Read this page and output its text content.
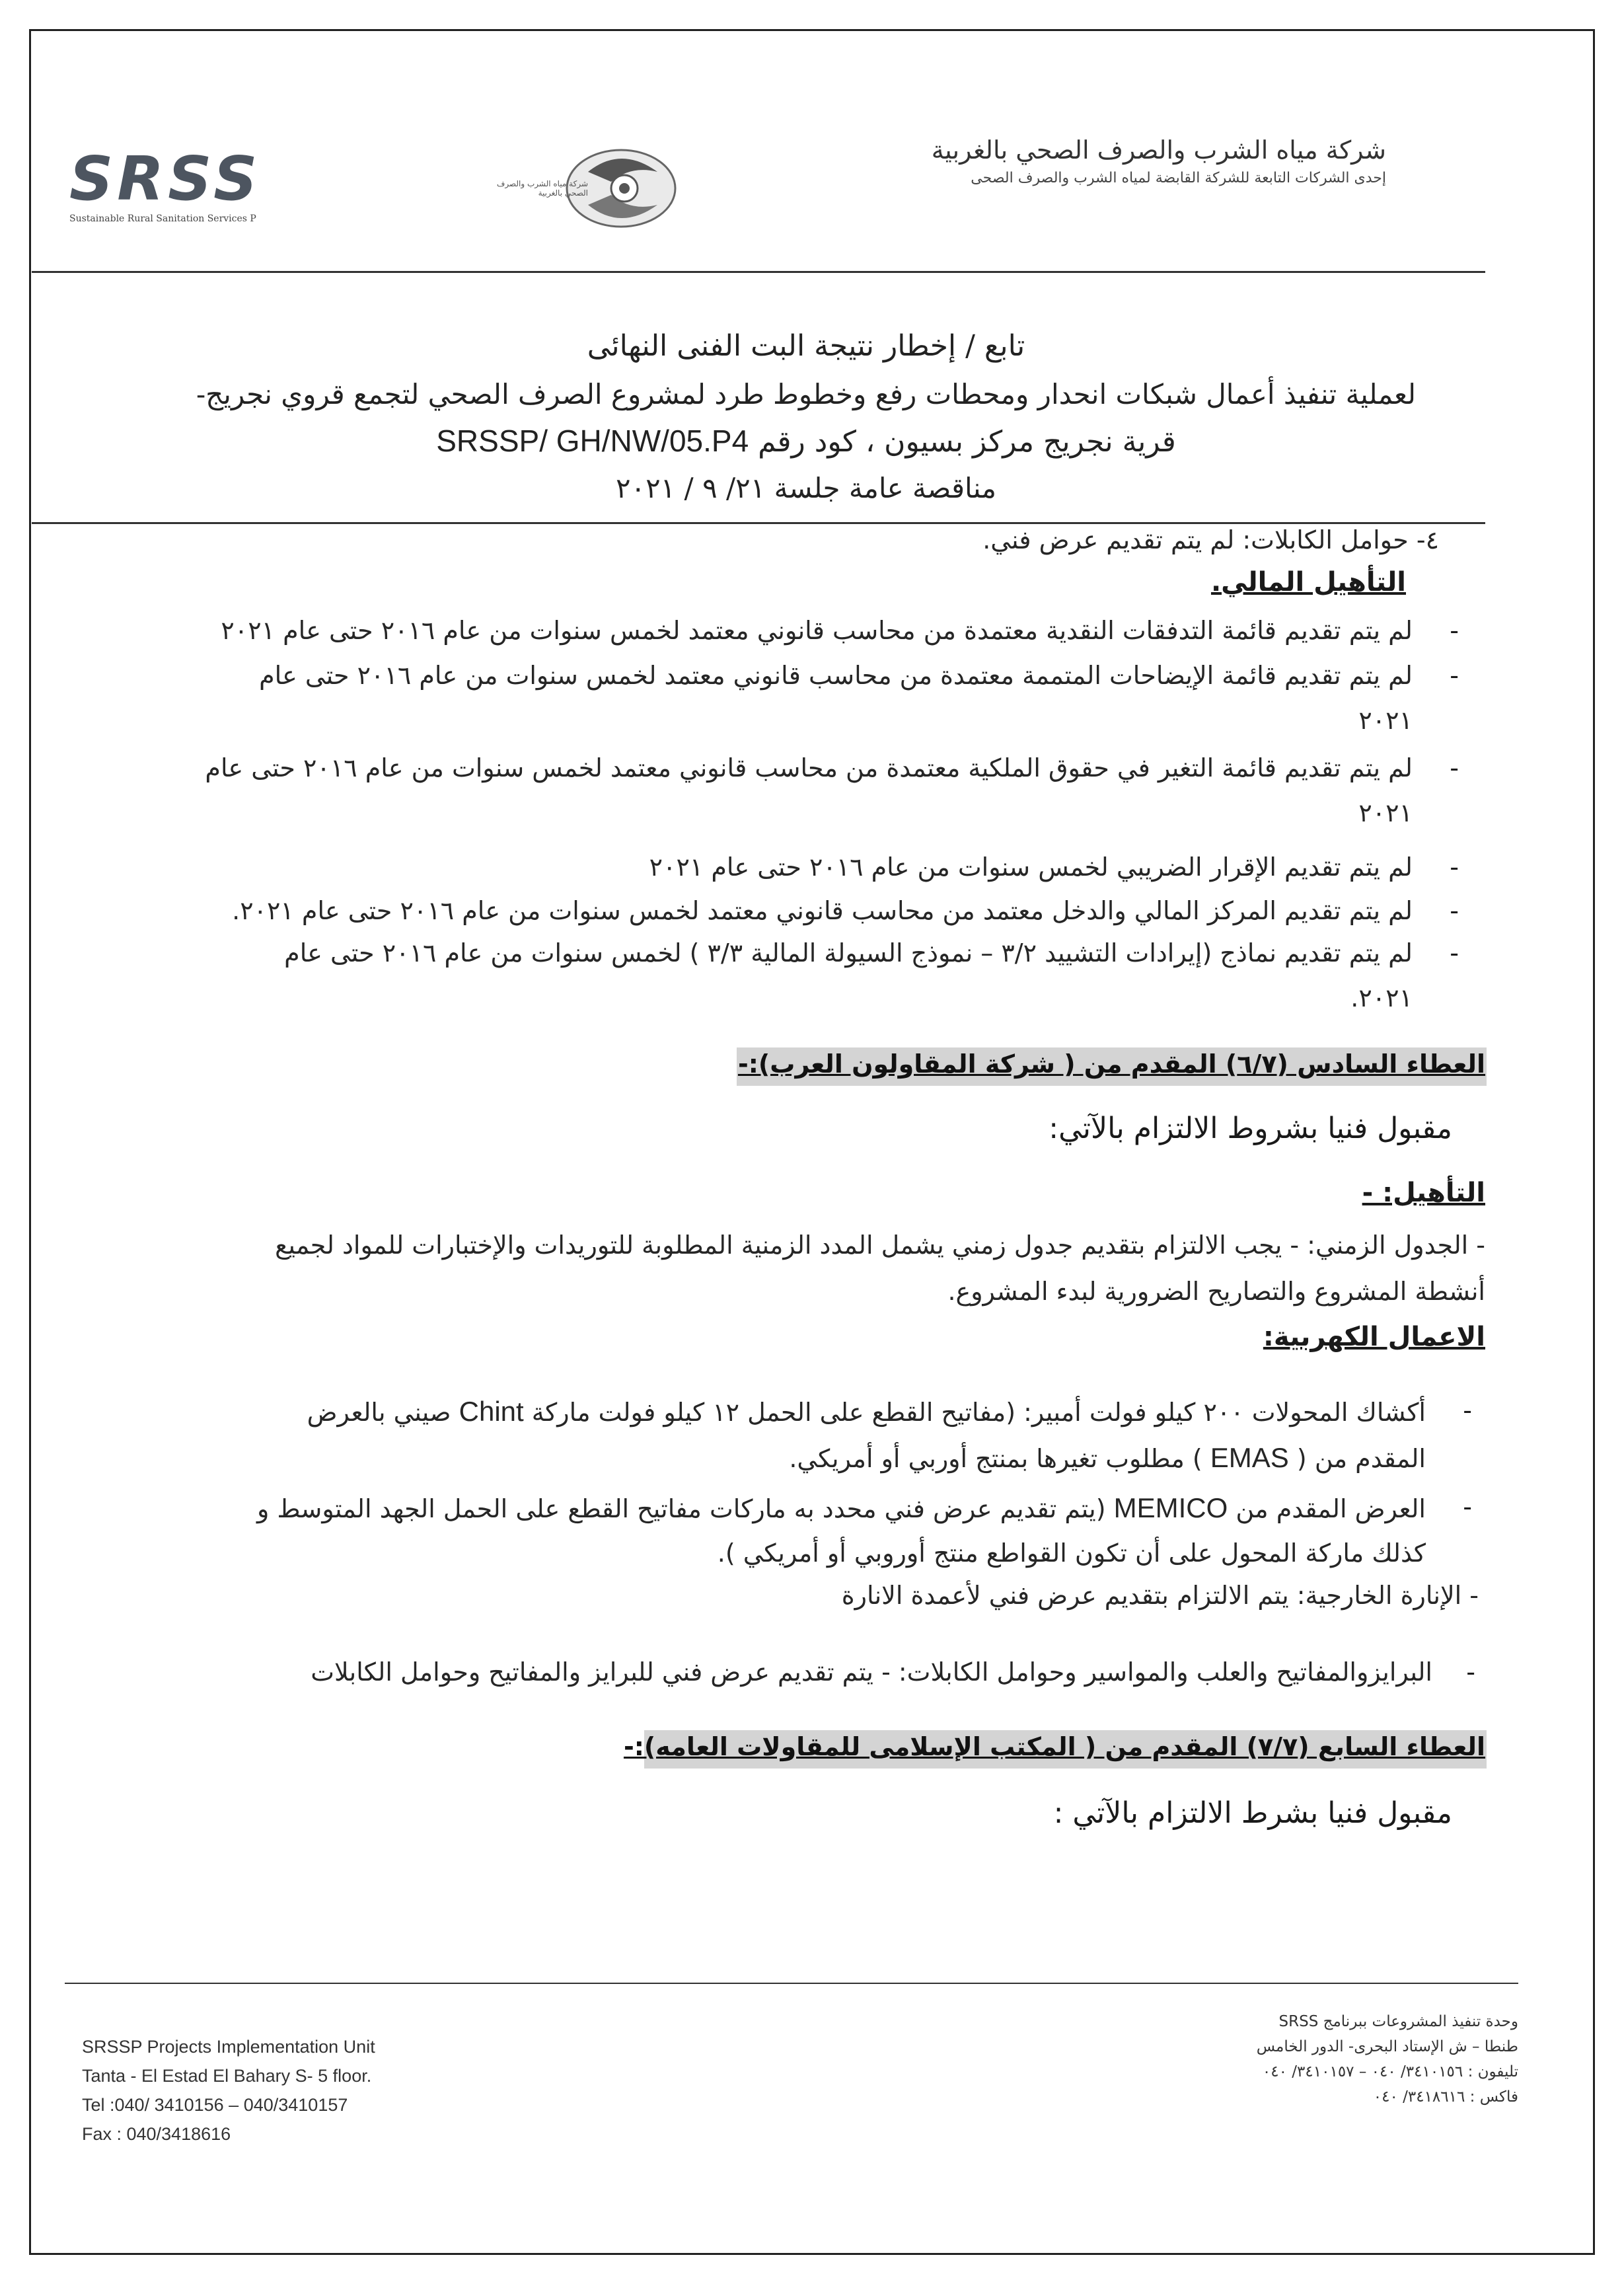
SRSS
Sustainable Rural Sanitation Services P
شركة مياه الشرب والصرف الصحي بالغربية
شركة مياه الشرب والصرف الصحي بالغربية
إحدى الشركات التابعة للشركة القابضة لمياه الشرب والصرف الصحى
تابع / إخطار نتيجة البت الفنى النهائى
لعملية تنفيذ أعمال شبكات انحدار ومحطات رفع وخطوط طرد لمشروع الصرف الصحي لتجمع قروي نجريج-
قرية نجريج مركز بسيون ، كود رقم SRSSP/ GH/NW/05.P4
مناقصة عامة جلسة ٢١/ ٩ / ٢٠٢١
٤- حوامل الكابلات: لم يتم تقديم عرض فني.
التأهيل المالي.
لم يتم تقديم قائمة التدفقات النقدية معتمدة من محاسب قانوني معتمد لخمس سنوات من عام ٢٠١٦ حتى عام ٢٠٢١ -
لم يتم تقديم قائمة الإيضاحات المتممة معتمدة من محاسب قانوني معتمد لخمس سنوات من عام ٢٠١٦ حتى عام -
٢٠٢١
لم يتم تقديم قائمة التغير في حقوق الملكية معتمدة من محاسب قانوني معتمد لخمس سنوات من عام ٢٠١٦ حتى عام -
٢٠٢١
لم يتم تقديم الإقرار الضريبي لخمس سنوات من عام ٢٠١٦ حتى عام ٢٠٢١ -
لم يتم تقديم المركز المالي والدخل معتمد من محاسب قانوني معتمد لخمس سنوات من عام ٢٠١٦ حتى عام ٢٠٢١. -
لم يتم تقديم نماذج (إيرادات التشييد ٣/٢ – نموذج السيولة المالية ٣/٣ ) لخمس سنوات من عام ٢٠١٦ حتى عام -
٢٠٢١.
العطاء السادس (٦/٧) المقدم من ( شركة المقاولون العرب):-
مقبول فنيا بشروط الالتزام بالآتي:
التأهيل: -
- الجدول الزمني: - يجب الالتزام بتقديم جدول زمني يشمل المدد الزمنية المطلوبة للتوريدات والإختبارات للمواد لجميع
أنشطة المشروع والتصاريح الضرورية لبدء المشروع.
الاعمال الكهربية:
أكشاك المحولات ٢٠٠ كيلو فولت أمبير: (مفاتيح القطع على الحمل ١٢ كيلو فولت ماركة Chint صيني بالعرض	-
المقدم من ( EMAS ) مطلوب تغيرها بمنتج أوربي أو أمريكي.
العرض المقدم من MEMICO (يتم تقديم عرض فني محدد به ماركات مفاتيح القطع على الحمل الجهد المتوسط و	-
كذلك ماركة المحول على أن تكون القواطع منتج أوروبي أو أمريكي ).
- الإنارة الخارجية: يتم الالتزام بتقديم عرض فني لأعمدة الانارة
البرايزوالمفاتيح والعلب والمواسير وحوامل الكابلات: - يتم تقديم عرض فني للبرايز والمفاتيح وحوامل الكابلات -
العطاء السابع (٧/٧) المقدم من ( المكتب الإسلامى للمقاولات العامه):-
مقبول فنيا بشرط الالتزام بالآتي :
SRSSP Projects Implementation Unit
Tanta - El Estad El Bahary S- 5 floor.
Tel :040/ 3410156 – 040/3410157
Fax : 040/3418616
وحدة تنفيذ المشروعات ببرنامج SRSS
طنطا – ش الإستاد البحرى- الدور الخامس
تليفون : ٣٤١٠١٥٦/ ٠٤٠ – ٣٤١٠١٥٧/ ٠٤٠
فاكس : ٣٤١٨٦١٦/ ٠٤٠
